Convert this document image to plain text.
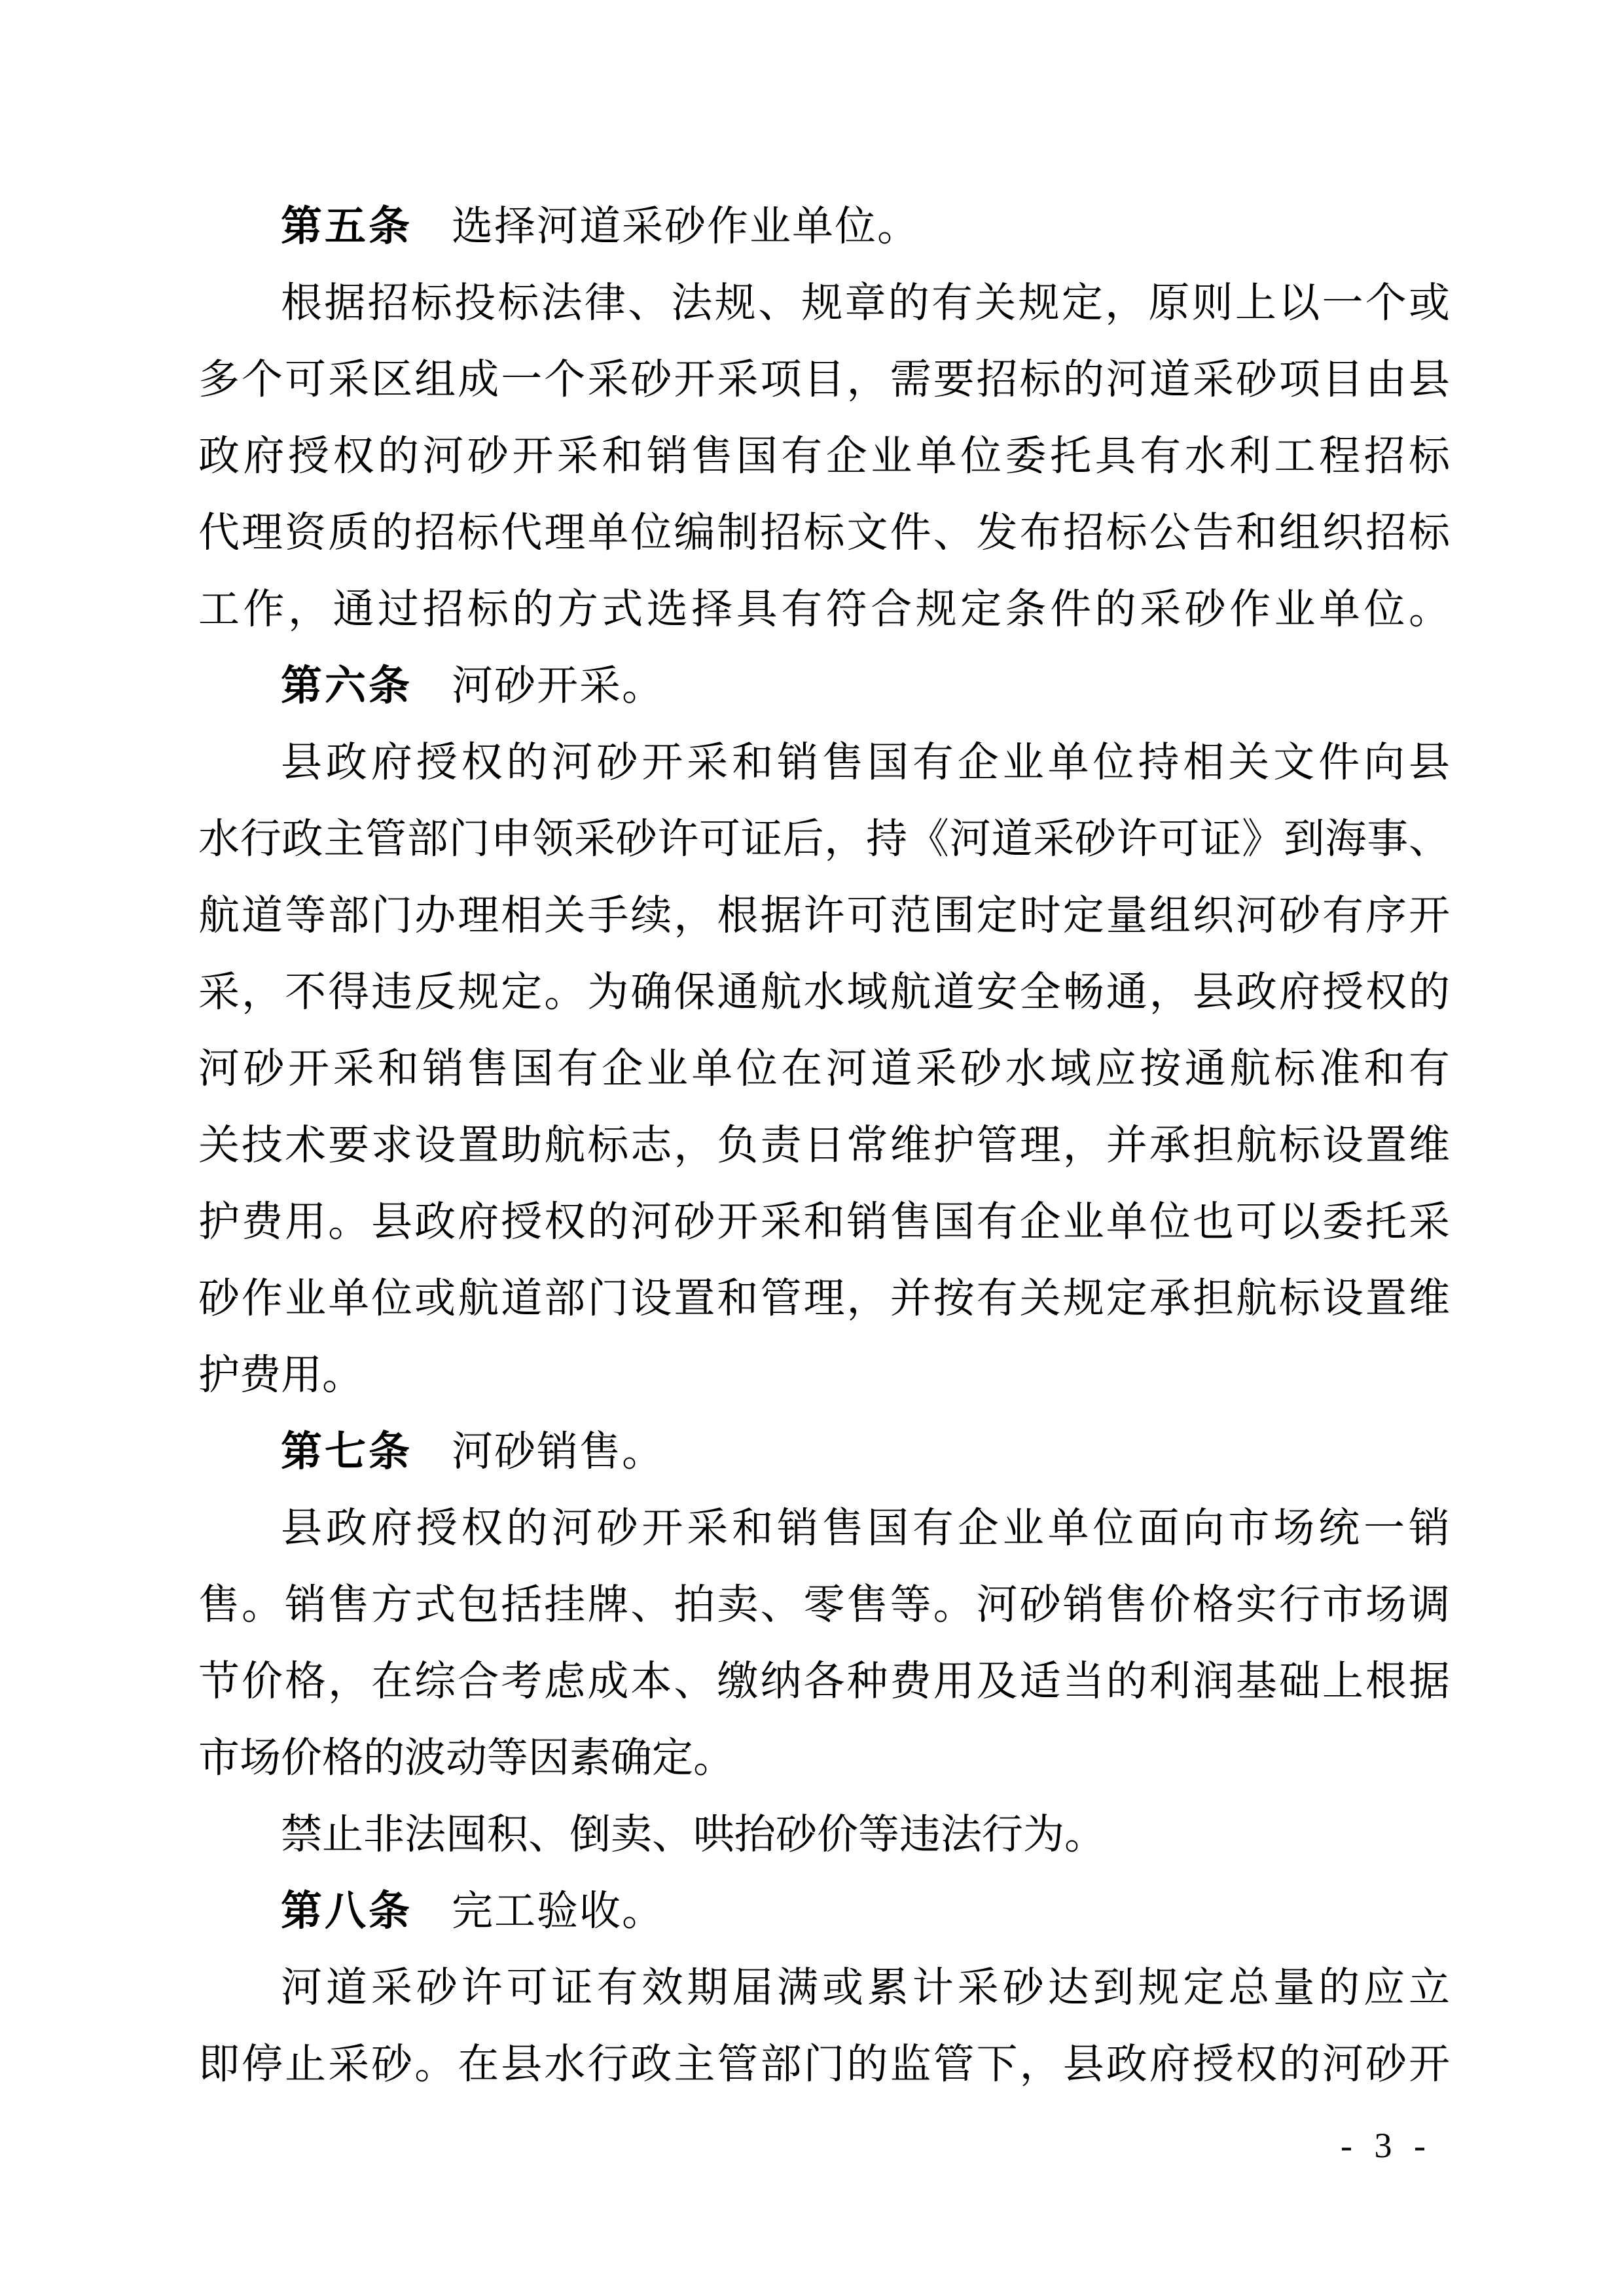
第五条 选择河道采砂作业单位。
根据招标投标法律、法规、规章的有关规定，原则上以一个或
多个可采区组成一个采砂开采项目，需要招标的河道采砂项目由县
政府授权的河砂开采和销售国有企业单位委托具有水利工程招标
代理资质的招标代理单位编制招标文件、发布招标公告和组织招标
工作，通过招标的方式选择具有符合规定条件的采砂作业单位。
第六条 河砂开采。
县政府授权的河砂开采和销售国有企业单位持相关文件向县
水行政主管部门申领采砂许可证后，持《河道采砂许可证》到海事、
航道等部门办理相关手续，根据许可范围定时定量组织河砂有序开
采，不得违反规定。为确保通航水域航道安全畅通，县政府授权的
河砂开采和销售国有企业单位在河道采砂水域应按通航标准和有
关技术要求设置助航标志，负责日常维护管理，并承担航标设置维
护费用。县政府授权的河砂开采和销售国有企业单位也可以委托采
砂作业单位或航道部门设置和管理，并按有关规定承担航标设置维
护费用。
第七条 河砂销售。
县政府授权的河砂开采和销售国有企业单位面向市场统一销
售。销售方式包括挂牌、拍卖、零售等。河砂销售价格实行市场调
节价格，在综合考虑成本、缴纳各种费用及适当的利润基础上根据
市场价格的波动等因素确定。
禁止非法囤积、倒卖、哄抬砂价等违法行为。
第八条 完工验收。
河道采砂许可证有效期届满或累计采砂达到规定总量的应立
即停止采砂。在县水行政主管部门的监管下，县政府授权的河砂开
- 3 -
